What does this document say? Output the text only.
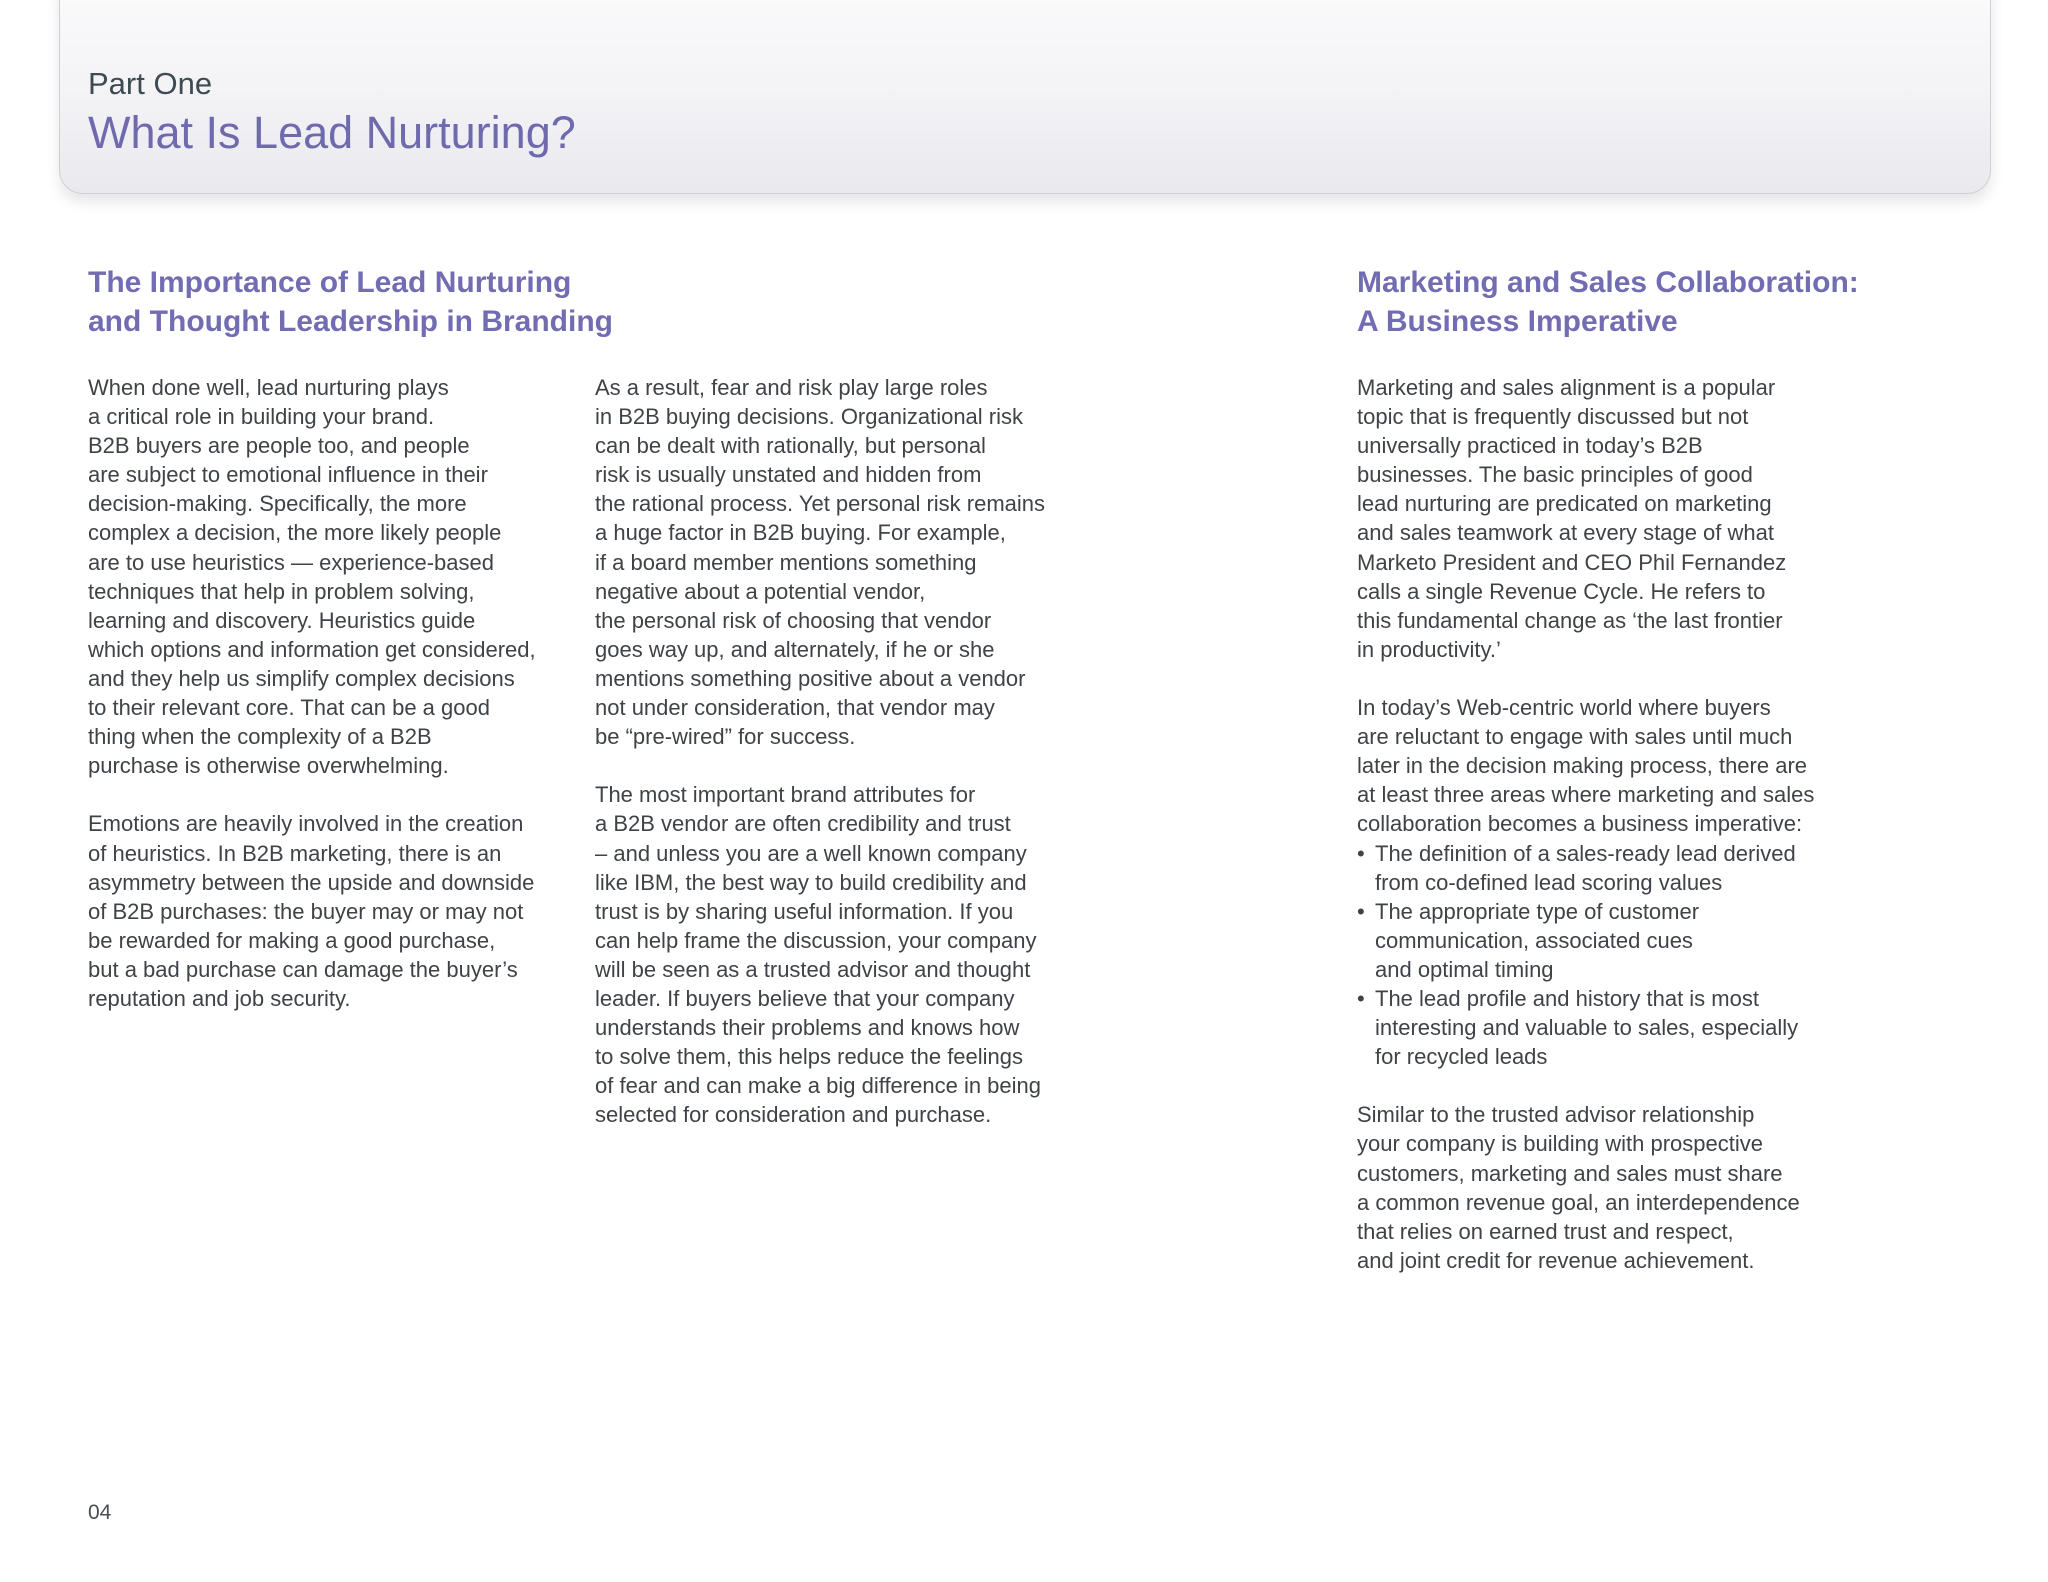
Part One
What Is Lead Nurturing?
The Importance of Lead Nurturing
and Thought Leadership in Branding
When done well, lead nurturing plays
a critical role in building your brand.
B2B buyers are people too, and people
are subject to emotional influence in their
decision-making. Specifically, the more
complex a decision, the more likely people
are to use heuristics — experience-based
techniques that help in problem solving,
learning and discovery. Heuristics guide
which options and information get considered,
and they help us simplify complex decisions
to their relevant core. That can be a good
thing when the complexity of a B2B
purchase is otherwise overwhelming.
Emotions are heavily involved in the creation
of heuristics. In B2B marketing, there is an
asymmetry between the upside and downside
of B2B purchases: the buyer may or may not
be rewarded for making a good purchase,
but a bad purchase can damage the buyer’s
reputation and job security.
As a result, fear and risk play large roles
in B2B buying decisions. Organizational risk
can be dealt with rationally, but personal
risk is usually unstated and hidden from
the rational process. Yet personal risk remains
a huge factor in B2B buying. For example,
if a board member mentions something
negative about a potential vendor,
the personal risk of choosing that vendor
goes way up, and alternately, if he or she
mentions something positive about a vendor
not under consideration, that vendor may
be “pre-wired” for success.
The most important brand attributes for
a B2B vendor are often credibility and trust
– and unless you are a well known company
like IBM, the best way to build credibility and
trust is by sharing useful information. If you
can help frame the discussion, your company
will be seen as a trusted advisor and thought
leader. If buyers believe that your company
understands their problems and knows how
to solve them, this helps reduce the feelings
of fear and can make a big difference in being
selected for consideration and purchase.
Marketing and Sales Collaboration:
A Business Imperative
Marketing and sales alignment is a popular
topic that is frequently discussed but not
universally practiced in today’s B2B
businesses. The basic principles of good
lead nurturing are predicated on marketing
and sales teamwork at every stage of what
Marketo President and CEO Phil Fernandez
calls a single Revenue Cycle. He refers to
this fundamental change as ‘the last frontier
in productivity.’
In today’s Web-centric world where buyers
are reluctant to engage with sales until much
later in the decision making process, there are
at least three areas where marketing and sales
collaboration becomes a business imperative:
• The definition of a sales-ready lead derived
from co-defined lead scoring values
• The appropriate type of customer
communication, associated cues
and optimal timing
• The lead profile and history that is most
interesting and valuable to sales, especially
for recycled leads
Similar to the trusted advisor relationship
your company is building with prospective
customers, marketing and sales must share
a common revenue goal, an interdependence
that relies on earned trust and respect,
and joint credit for revenue achievement.
04
